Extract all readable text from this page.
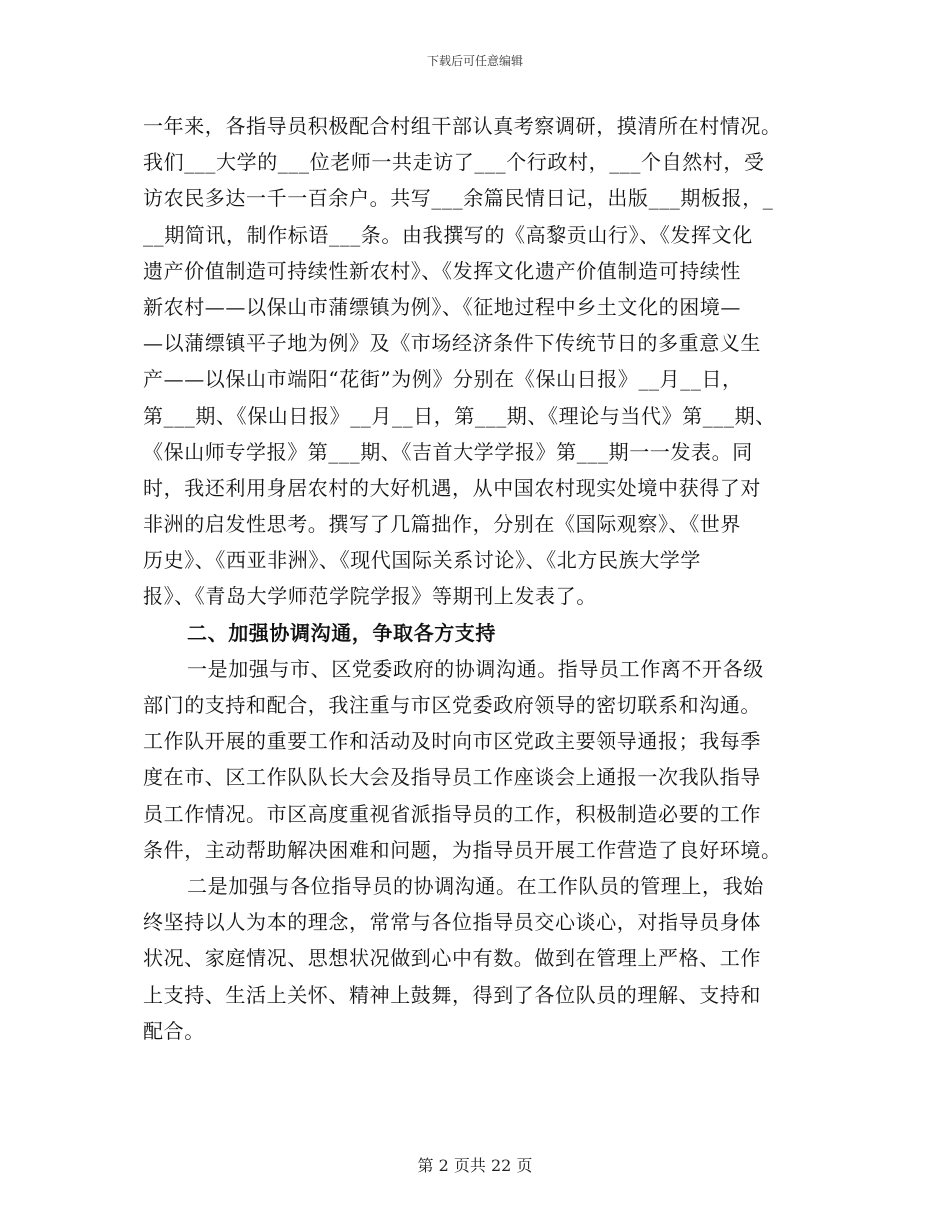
下载后可任意编辑
一年来，各指导员积极配合村组干部认真考察调研，摸清所在村情况。
我们___大学的___位老师一共走访了___个行政村，___个自然村，受
访农民多达一千一百余户。共写___余篇民情日记，出版___期板报，_
__期简讯，制作标语___条。由我撰写的《高黎贡山行》、《发挥文化
遗产价值制造可持续性新农村》、《发挥文化遗产价值制造可持续性
新农村——以保山市蒲缥镇为例》、《征地过程中乡土文化的困境—
—以蒲缥镇平子地为例》及《市场经济条件下传统节日的多重意义生
产——以保山市端阳“花街”为例》分别在《保山日报》__月__日，
第___期、《保山日报》__月__日，第___期、《理论与当代》第___期、
《保山师专学报》第___期、《吉首大学学报》第___期一一发表。同
时，我还利用身居农村的大好机遇，从中国农村现实处境中获得了对
非洲的启发性思考。撰写了几篇拙作，分别在《国际观察》、《世界
历史》、《西亚非洲》、《现代国际关系讨论》、《北方民族大学学
报》、《青岛大学师范学院学报》等期刊上发表了。
二、加强协调沟通，争取各方支持
一是加强与市、区党委政府的协调沟通。指导员工作离不开各级
部门的支持和配合，我注重与市区党委政府领导的密切联系和沟通。
工作队开展的重要工作和活动及时向市区党政主要领导通报；我每季
度在市、区工作队队长大会及指导员工作座谈会上通报一次我队指导
员工作情况。市区高度重视省派指导员的工作，积极制造必要的工作
条件，主动帮助解决困难和问题，为指导员开展工作营造了良好环境。
二是加强与各位指导员的协调沟通。在工作队员的管理上，我始
终坚持以人为本的理念，常常与各位指导员交心谈心，对指导员身体
状况、家庭情况、思想状况做到心中有数。做到在管理上严格、工作
上支持、生活上关怀、精神上鼓舞，得到了各位队员的理解、支持和
配合。
第 2 页共 22 页
